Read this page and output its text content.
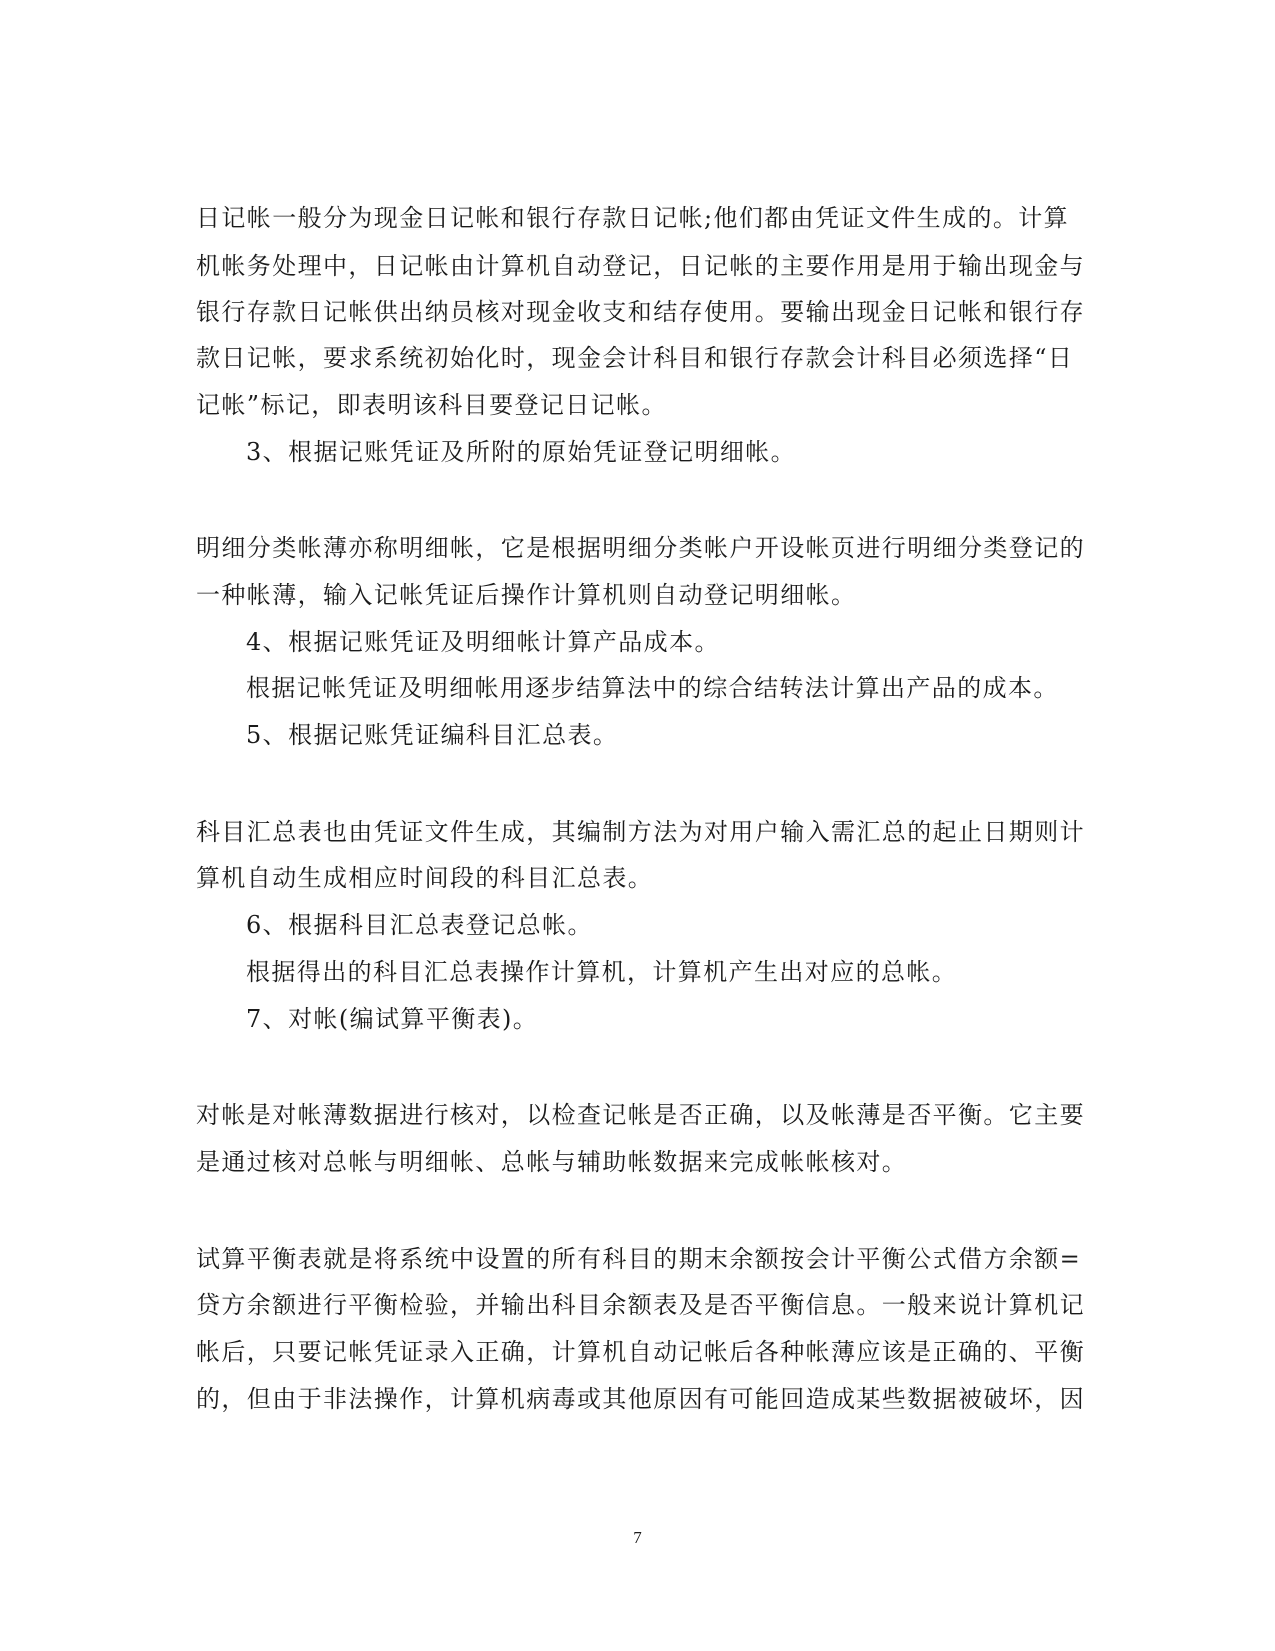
日记帐一般分为现金日记帐和银行存款日记帐;他们都由凭证文件生成的。计算
机帐务处理中，日记帐由计算机自动登记，日记帐的主要作用是用于输出现金与
银行存款日记帐供出纳员核对现金收支和结存使用。要输出现金日记帐和银行存
款日记帐，要求系统初始化时，现金会计科目和银行存款会计科目必须选择“日
记帐”标记，即表明该科目要登记日记帐。
3、根据记账凭证及所附的原始凭证登记明细帐。
明细分类帐薄亦称明细帐，它是根据明细分类帐户开设帐页进行明细分类登记的
一种帐薄，输入记帐凭证后操作计算机则自动登记明细帐。
4、根据记账凭证及明细帐计算产品成本。
根据记帐凭证及明细帐用逐步结算法中的综合结转法计算出产品的成本。
5、根据记账凭证编科目汇总表。
科目汇总表也由凭证文件生成，其编制方法为对用户输入需汇总的起止日期则计
算机自动生成相应时间段的科目汇总表。
6、根据科目汇总表登记总帐。
根据得出的科目汇总表操作计算机，计算机产生出对应的总帐。
7、对帐(编试算平衡表)。
对帐是对帐薄数据进行核对，以检查记帐是否正确，以及帐薄是否平衡。它主要
是通过核对总帐与明细帐、总帐与辅助帐数据来完成帐帐核对。
试算平衡表就是将系统中设置的所有科目的期末余额按会计平衡公式借方余额=
贷方余额进行平衡检验，并输出科目余额表及是否平衡信息。一般来说计算机记
帐后，只要记帐凭证录入正确，计算机自动记帐后各种帐薄应该是正确的、平衡
的，但由于非法操作，计算机病毒或其他原因有可能回造成某些数据被破坏，因
7
